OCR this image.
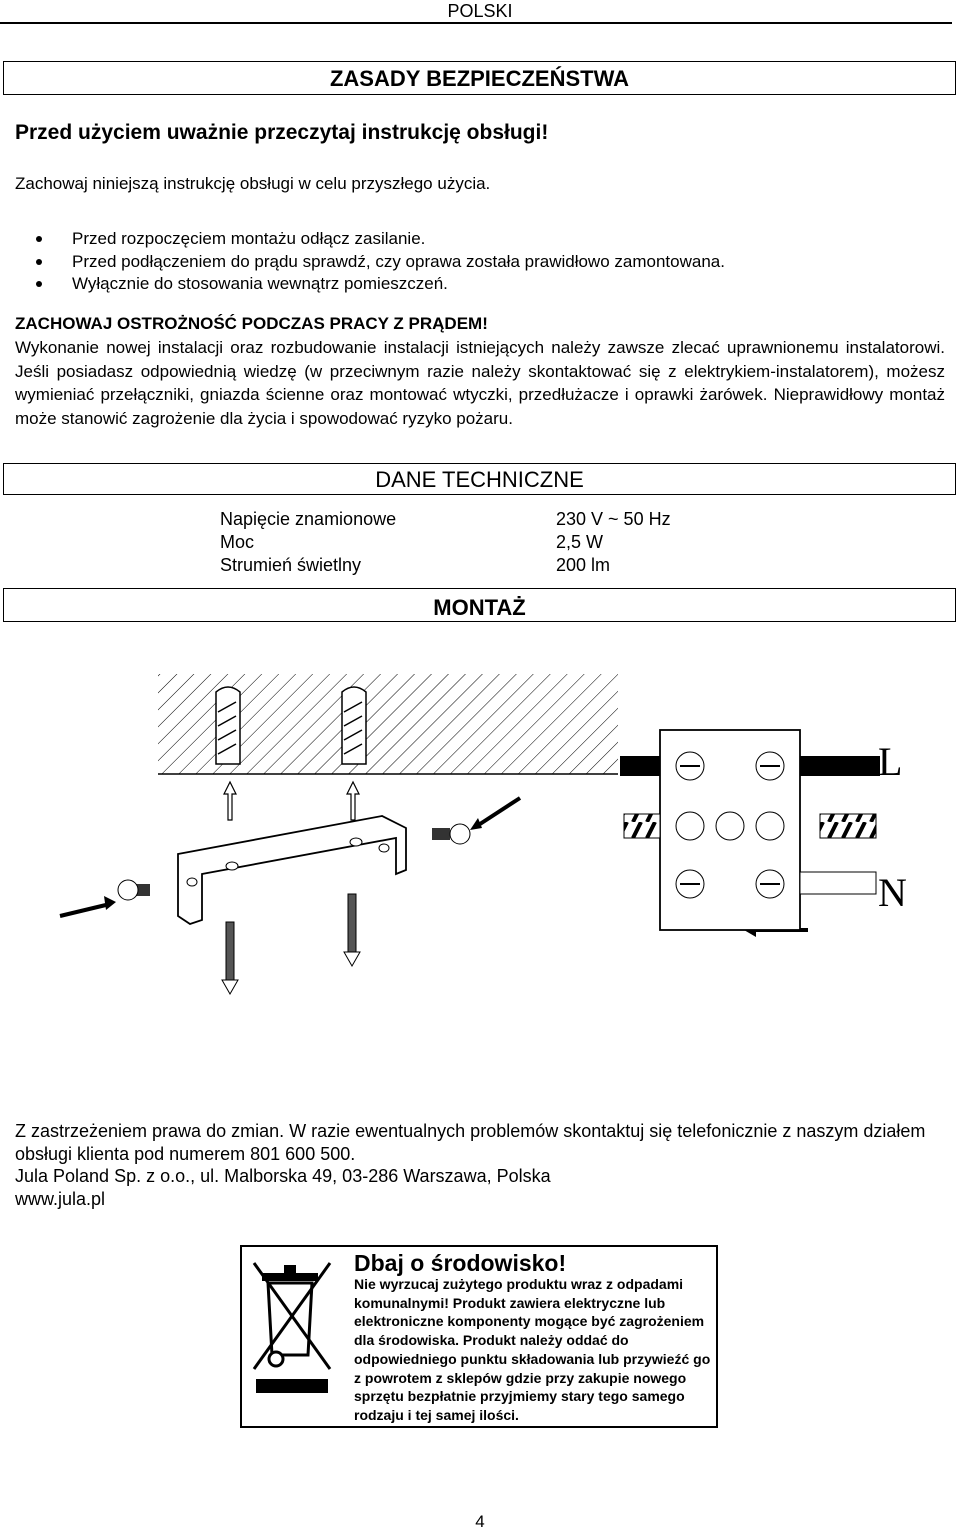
POLSKI
ZASADY BEZPIECZEŃSTWA
Przed użyciem uważnie przeczytaj instrukcję obsługi!
Zachowaj niniejszą instrukcję obsługi w celu przyszłego użycia.
Przed rozpoczęciem montażu odłącz zasilanie.
Przed podłączeniem do prądu sprawdź, czy oprawa została prawidłowo zamontowana.
Wyłącznie do stosowania wewnątrz pomieszczeń.
ZACHOWAJ OSTROŻNOŚĆ PODCZAS PRACY Z PRĄDEM!
Wykonanie nowej instalacji oraz rozbudowanie instalacji istniejących należy zawsze zlecać uprawnionemu instalatorowi. Jeśli posiadasz odpowiednią wiedzę (w przeciwnym razie należy skontaktować się z elektrykiem-instalatorem), możesz wymieniać przełączniki, gniazda ścienne oraz montować wtyczki, przedłużacze i oprawki żarówek. Nieprawidłowy montaż może stanowić zagrożenie dla życia i spowodować ryzyko pożaru.
DANE TECHNICZNE
Napięcie znamionowe	230 V ~ 50 Hz
Moc	2,5 W
Strumień świetlny	200 lm
MONTAŻ
L
N
Z zastrzeżeniem prawa do zmian. W razie ewentualnych problemów skontaktuj się telefonicznie z naszym działem obsługi klienta pod numerem 801 600 500.
Jula Poland Sp. z o.o., ul. Malborska 49, 03-286 Warszawa, Polska
www.jula.pl
Dbaj o środowisko!
Nie wyrzucaj zużytego produktu wraz z odpadami komunalnymi! Produkt zawiera elektryczne lub elektroniczne komponenty mogące być zagrożeniem dla środowiska. Produkt należy oddać do odpowiedniego punktu składowania lub przywieźć go z powrotem z sklepów gdzie przy zakupie nowego sprzętu bezpłatnie przyjmiemy stary tego samego rodzaju i tej samej ilości.
4
